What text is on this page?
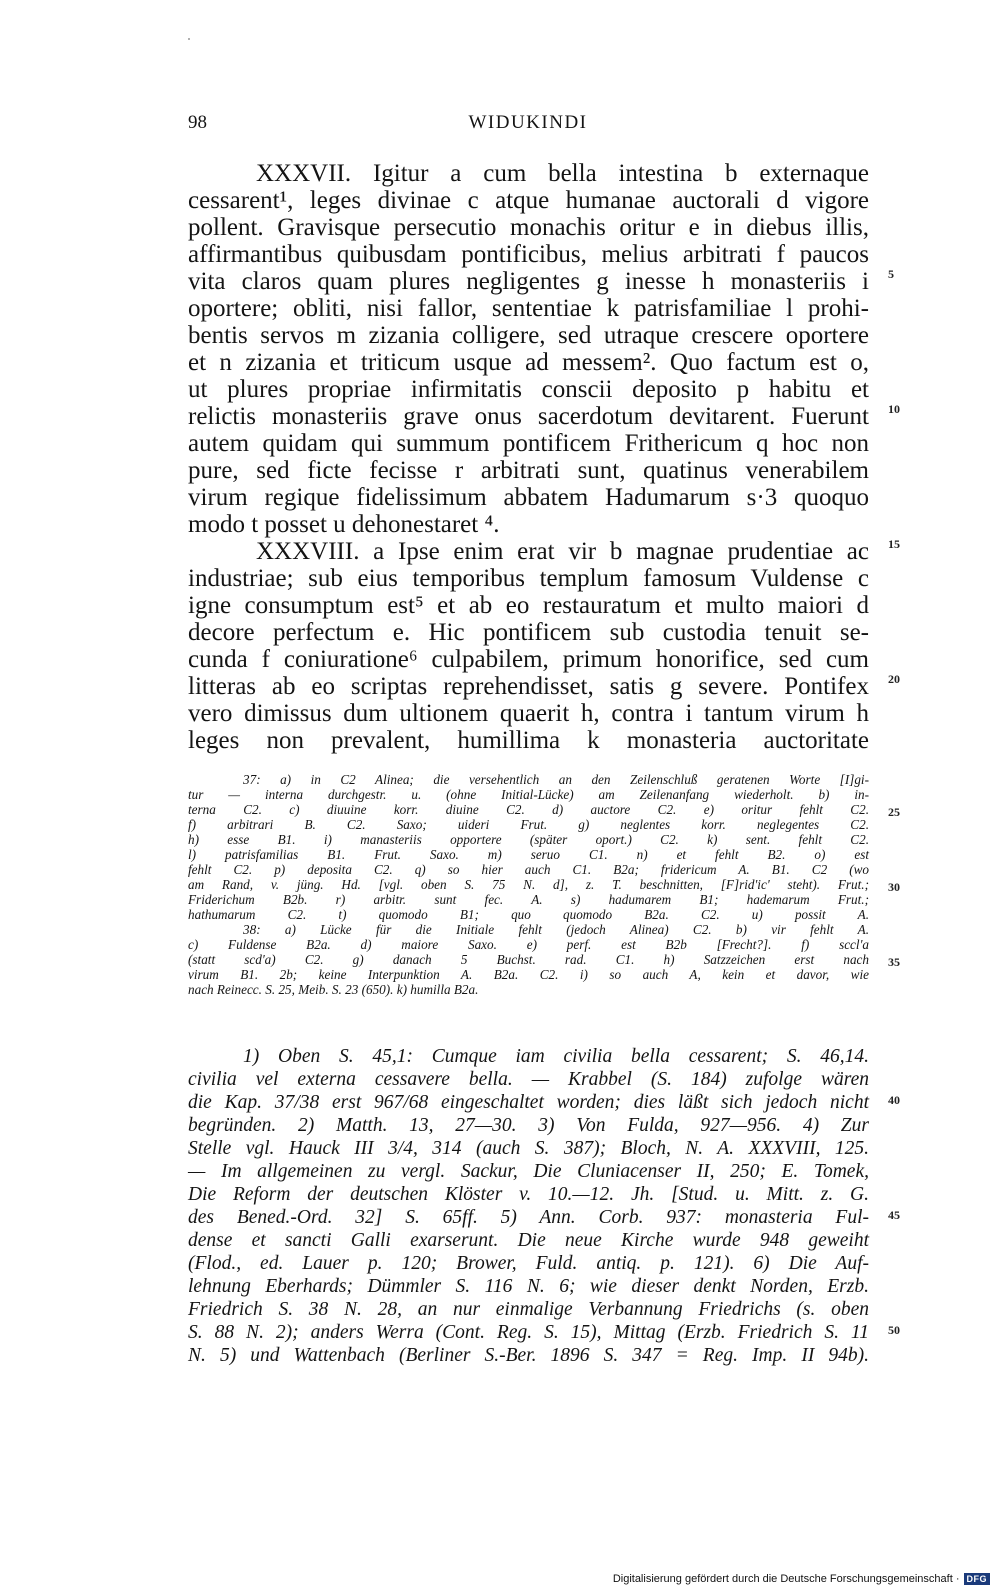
98	WIDUKINDI
XXXVII. Igitur a cum bella intestina b externaque
cessarent¹, leges divinae c atque humanae auctorali d vigore
pollent. Gravisque persecutio monachis oritur e in diebus illis,
affirmantibus quibusdam pontificibus, melius arbitrati f paucos
vita claros quam plures negligentes g inesse h monasteriis i
oportere; obliti, nisi fallor, sententiae k patrisfamiliae l prohi-
bentis servos m zizania colligere, sed utraque crescere oportere
et n zizania et triticum usque ad messem². Quo factum est o,
ut plures propriae infirmitatis conscii deposito p habitu et
relictis monasteriis grave onus sacerdotum devitarent. Fuerunt
autem quidam qui summum pontificem Frithericum q hoc non
pure, sed ficte fecisse r arbitrati sunt, quatinus venerabilem
virum regique fidelissimum abbatem Hadumarum s·3 quoquo
modo t posset u dehonestaret ⁴.
XXXVIII. a Ipse enim erat vir b magnae prudentiae ac
industriae; sub eius temporibus templum famosum Vuldense c
igne consumptum est⁵ et ab eo restauratum et multo maiori d
decore perfectum e. Hic pontificem sub custodia tenuit se-
cunda f coniuratione⁶ culpabilem, primum honorifice, sed cum
litteras ab eo scriptas reprehendisset, satis g severe. Pontifex
vero dimissus dum ultionem quaerit h, contra i tantum virum h
leges non prevalent, humillima k monasteria auctoritate
37: a) in C2 Alinea; die versehentlich an den Zeilenschluß geratenen Worte [I]gi-
tur — interna durchgestr. u. (ohne Initial-Lücke) am Zeilenanfang wiederholt. b) in-
terna C2. c) diuuine korr. diuine C2. d) auctore C2. e) oritur fehlt C2.
f) arbitrari B. C2. Saxo; uideri Frut. g) neglentes korr. neglegentes C2.
h) esse B1. i) manasteriis opportere (später oport.) C2. k) sent. fehlt C2.
l) patrisfamilias B1. Frut. Saxo. m) seruo C1. n) et fehlt B2. o) est
fehlt C2. p) deposita C2. q) so hier auch C1. B2a; fridericum A. B1. C2 (wo
am Rand, v. jüng. Hd. [vgl. oben S. 75 N. d], z. T. beschnitten, [F]rid'ic' steht). Frut.;
Friderichum B2b. r) arbitr. sunt fec. A. s) hadumarem B1; hademarum Frut.;
hathumarum C2. t) quomodo B1; quo quomodo B2a. C2. u) possit A.
38: a) Lücke für die Initiale fehlt (jedoch Alinea) C2. b) vir fehlt A.
c) Fuldense B2a. d) maiore Saxo. e) perf. est B2b [Frecht?]. f) sccl'a
(statt scd'a) C2. g) danach 5 Buchst. rad. C1. h) Satzzeichen erst nach
virum B1. 2b; keine Interpunktion A. B2a. C2. i) so auch A, kein et davor, wie
nach Reinecc. S. 25, Meib. S. 23 (650). k) humilla B2a.
1) Oben S. 45,1: Cumque iam civilia bella cessarent; S. 46,14.
civilia vel externa cessavere bella. — Krabbel (S. 184) zufolge wären
die Kap. 37/38 erst 967/68 eingeschaltet worden; dies läßt sich jedoch nicht
begründen. 2) Matth. 13, 27—30. 3) Von Fulda, 927—956. 4) Zur
Stelle vgl. Hauck III 3/4, 314 (auch S. 387); Bloch, N. A. XXXVIII, 125.
— Im allgemeinen zu vergl. Sackur, Die Cluniacenser II, 250; E. Tomek,
Die Reform der deutschen Klöster v. 10.—12. Jh. [Stud. u. Mitt. z. G.
des Bened.-Ord. 32] S. 65ff. 5) Ann. Corb. 937: monasteria Ful-
dense et sancti Galli exarserunt. Die neue Kirche wurde 948 geweiht
(Flod., ed. Lauer p. 120; Brower, Fuld. antiq. p. 121). 6) Die Auf-
lehnung Eberhards; Dümmler S. 116 N. 6; wie dieser denkt Norden, Erzb.
Friedrich S. 38 N. 28, an nur einmalige Verbannung Friedrichs (s. oben
S. 88 N. 2); anders Werra (Cont. Reg. S. 15), Mittag (Erzb. Friedrich S. 11
N. 5) und Wattenbach (Berliner S.-Ber. 1896 S. 347 = Reg. Imp. II 94b).
5
10
15
20
25
30
35
40
45
50
Digitalisierung gefördert durch die Deutsche Forschungsgemeinschaft · DFG
